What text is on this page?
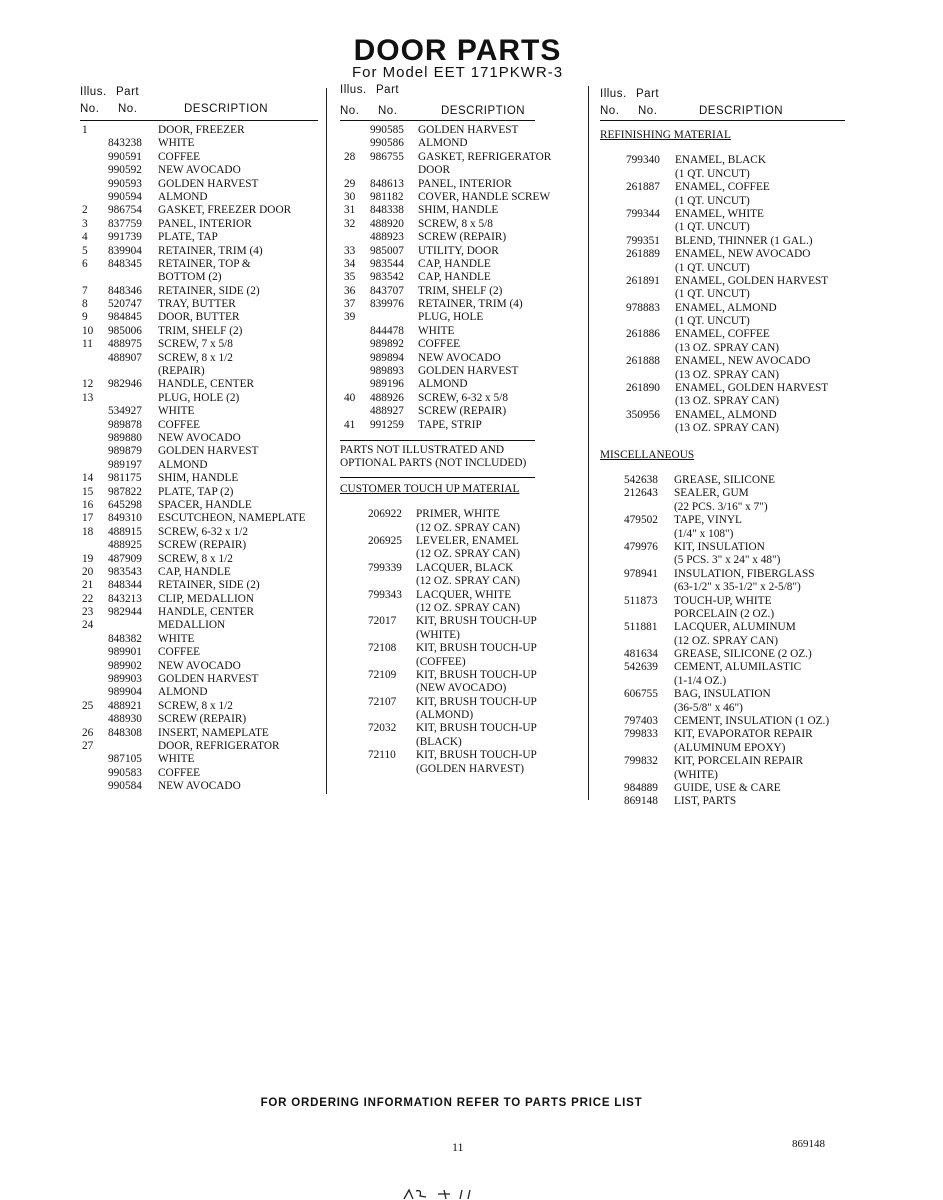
DOOR PARTS
For Model EET 171PKWR-3
Illus. Part
No. No.	DESCRIPTION
1	DOOR, FREEZER
843238 WHITE
990591 COFFEE
990592 NEW AVOCADO
990593 GOLDEN HARVEST
990594 ALMOND
2 986754 GASKET, FREEZER DOOR
3 837759 PANEL, INTERIOR
4 991739 PLATE, TAP
5 839904 RETAINER, TRIM (4)
6 848345 RETAINER, TOP &
BOTTOM (2)
7 848346 RETAINER, SIDE (2)
8 520747 TRAY, BUTTER
9 984845 DOOR, BUTTER
10 985006 TRIM, SHELF (2)
11 488975 SCREW, 7 x 5/8
488907 SCREW, 8 x 1/2
(REPAIR)
12 982946 HANDLE, CENTER
13	PLUG, HOLE (2)
534927 WHITE
989878 COFFEE
989880 NEW AVOCADO
989879 GOLDEN HARVEST
989197 ALMOND
14 981175 SHIM, HANDLE
15 987822 PLATE, TAP (2)
16 645298 SPACER, HANDLE
17 849310 ESCUTCHEON, NAMEPLATE
18 488915 SCREW, 6-32 x 1/2
488925 SCREW (REPAIR)
19 487909 SCREW, 8 x 1/2
20 983543 CAP, HANDLE
21 848344 RETAINER, SIDE (2)
22 843213 CLIP, MEDALLION
23 982944 HANDLE, CENTER
24	MEDALLION
848382 WHITE
989901 COFFEE
989902 NEW AVOCADO
989903 GOLDEN HARVEST
989904 ALMOND
25 488921 SCREW, 8 x 1/2
488930 SCREW (REPAIR)
26 848308 INSERT, NAMEPLATE
27	DOOR, REFRIGERATOR
987105 WHITE
990583 COFFEE
990584 NEW AVOCADO
Illus. Part
No. No.	DESCRIPTION
990585 GOLDEN HARVEST
990586 ALMOND
28 986755 GASKET, REFRIGERATOR
DOOR
29 848613 PANEL, INTERIOR
30 981182 COVER, HANDLE SCREW
31 848338 SHIM, HANDLE
32 488920 SCREW, 8 x 5/8
488923 SCREW (REPAIR)
33 985007 UTILITY, DOOR
34 983544 CAP, HANDLE
35 983542 CAP, HANDLE
36 843707 TRIM, SHELF (2)
37 839976 RETAINER, TRIM (4)
39	PLUG, HOLE
844478 WHITE
989892 COFFEE
989894 NEW AVOCADO
989893 GOLDEN HARVEST
989196 ALMOND
40 488926 SCREW, 6-32 x 5/8
488927 SCREW (REPAIR)
41 991259 TAPE, STRIP
PARTS NOT ILLUSTRATED AND
OPTIONAL PARTS (NOT INCLUDED)
CUSTOMER TOUCH UP MATERIAL
206922 PRIMER, WHITE
(12 OZ. SPRAY CAN)
206925 LEVELER, ENAMEL
(12 OZ. SPRAY CAN)
799339 LACQUER, BLACK
(12 OZ. SPRAY CAN)
799343 LACQUER, WHITE
(12 OZ. SPRAY CAN)
72017 KIT, BRUSH TOUCH-UP
(WHITE)
72108 KIT, BRUSH TOUCH-UP
(COFFEE)
72109 KIT, BRUSH TOUCH-UP
(NEW AVOCADO)
72107 KIT, BRUSH TOUCH-UP
(ALMOND)
72032 KIT, BRUSH TOUCH-UP
(BLACK)
72110 KIT, BRUSH TOUCH-UP
(GOLDEN HARVEST)
Illus. Part
No. No.	DESCRIPTION
REFINISHING MATERIAL
799340 ENAMEL, BLACK
(1 QT. UNCUT)
261887 ENAMEL, COFFEE
(1 QT. UNCUT)
799344 ENAMEL, WHITE
(1 QT. UNCUT)
799351 BLEND, THINNER (1 GAL.)
261889 ENAMEL, NEW AVOCADO
(1 QT. UNCUT)
261891 ENAMEL, GOLDEN HARVEST
(1 QT. UNCUT)
978883 ENAMEL, ALMOND
(1 QT. UNCUT)
261886 ENAMEL, COFFEE
(13 OZ. SPRAY CAN)
261888 ENAMEL, NEW AVOCADO
(13 OZ. SPRAY CAN)
261890 ENAMEL, GOLDEN HARVEST
(13 OZ. SPRAY CAN)
350956 ENAMEL, ALMOND
(13 OZ. SPRAY CAN)
MISCELLANEOUS
542638 GREASE, SILICONE
212643 SEALER, GUM
(22 PCS. 3/16" x 7")
479502 TAPE, VINYL
(1/4" x 108")
479976 KIT, INSULATION
(5 PCS. 3" x 24" x 48")
978941 INSULATION, FIBERGLASS
(63-1/2" x 35-1/2" x 2-5/8")
511873 TOUCH-UP, WHITE
PORCELAIN (2 OZ.)
511881 LACQUER, ALUMINUM
(12 OZ. SPRAY CAN)
481634 GREASE, SILICONE (2 OZ.)
542639 CEMENT, ALUMILASTIC
(1-1/4 OZ.)
606755 BAG, INSULATION
(36-5/8" x 46")
797403 CEMENT, INSULATION (1 OZ.)
799833 KIT, EVAPORATOR REPAIR
(ALUMINUM EPOXY)
799832 KIT, PORCELAIN REPAIR
(WHITE)
984889 GUIDE, USE & CARE
869148 LIST, PARTS
FOR ORDERING INFORMATION REFER TO PARTS PRICE LIST
11	869148
